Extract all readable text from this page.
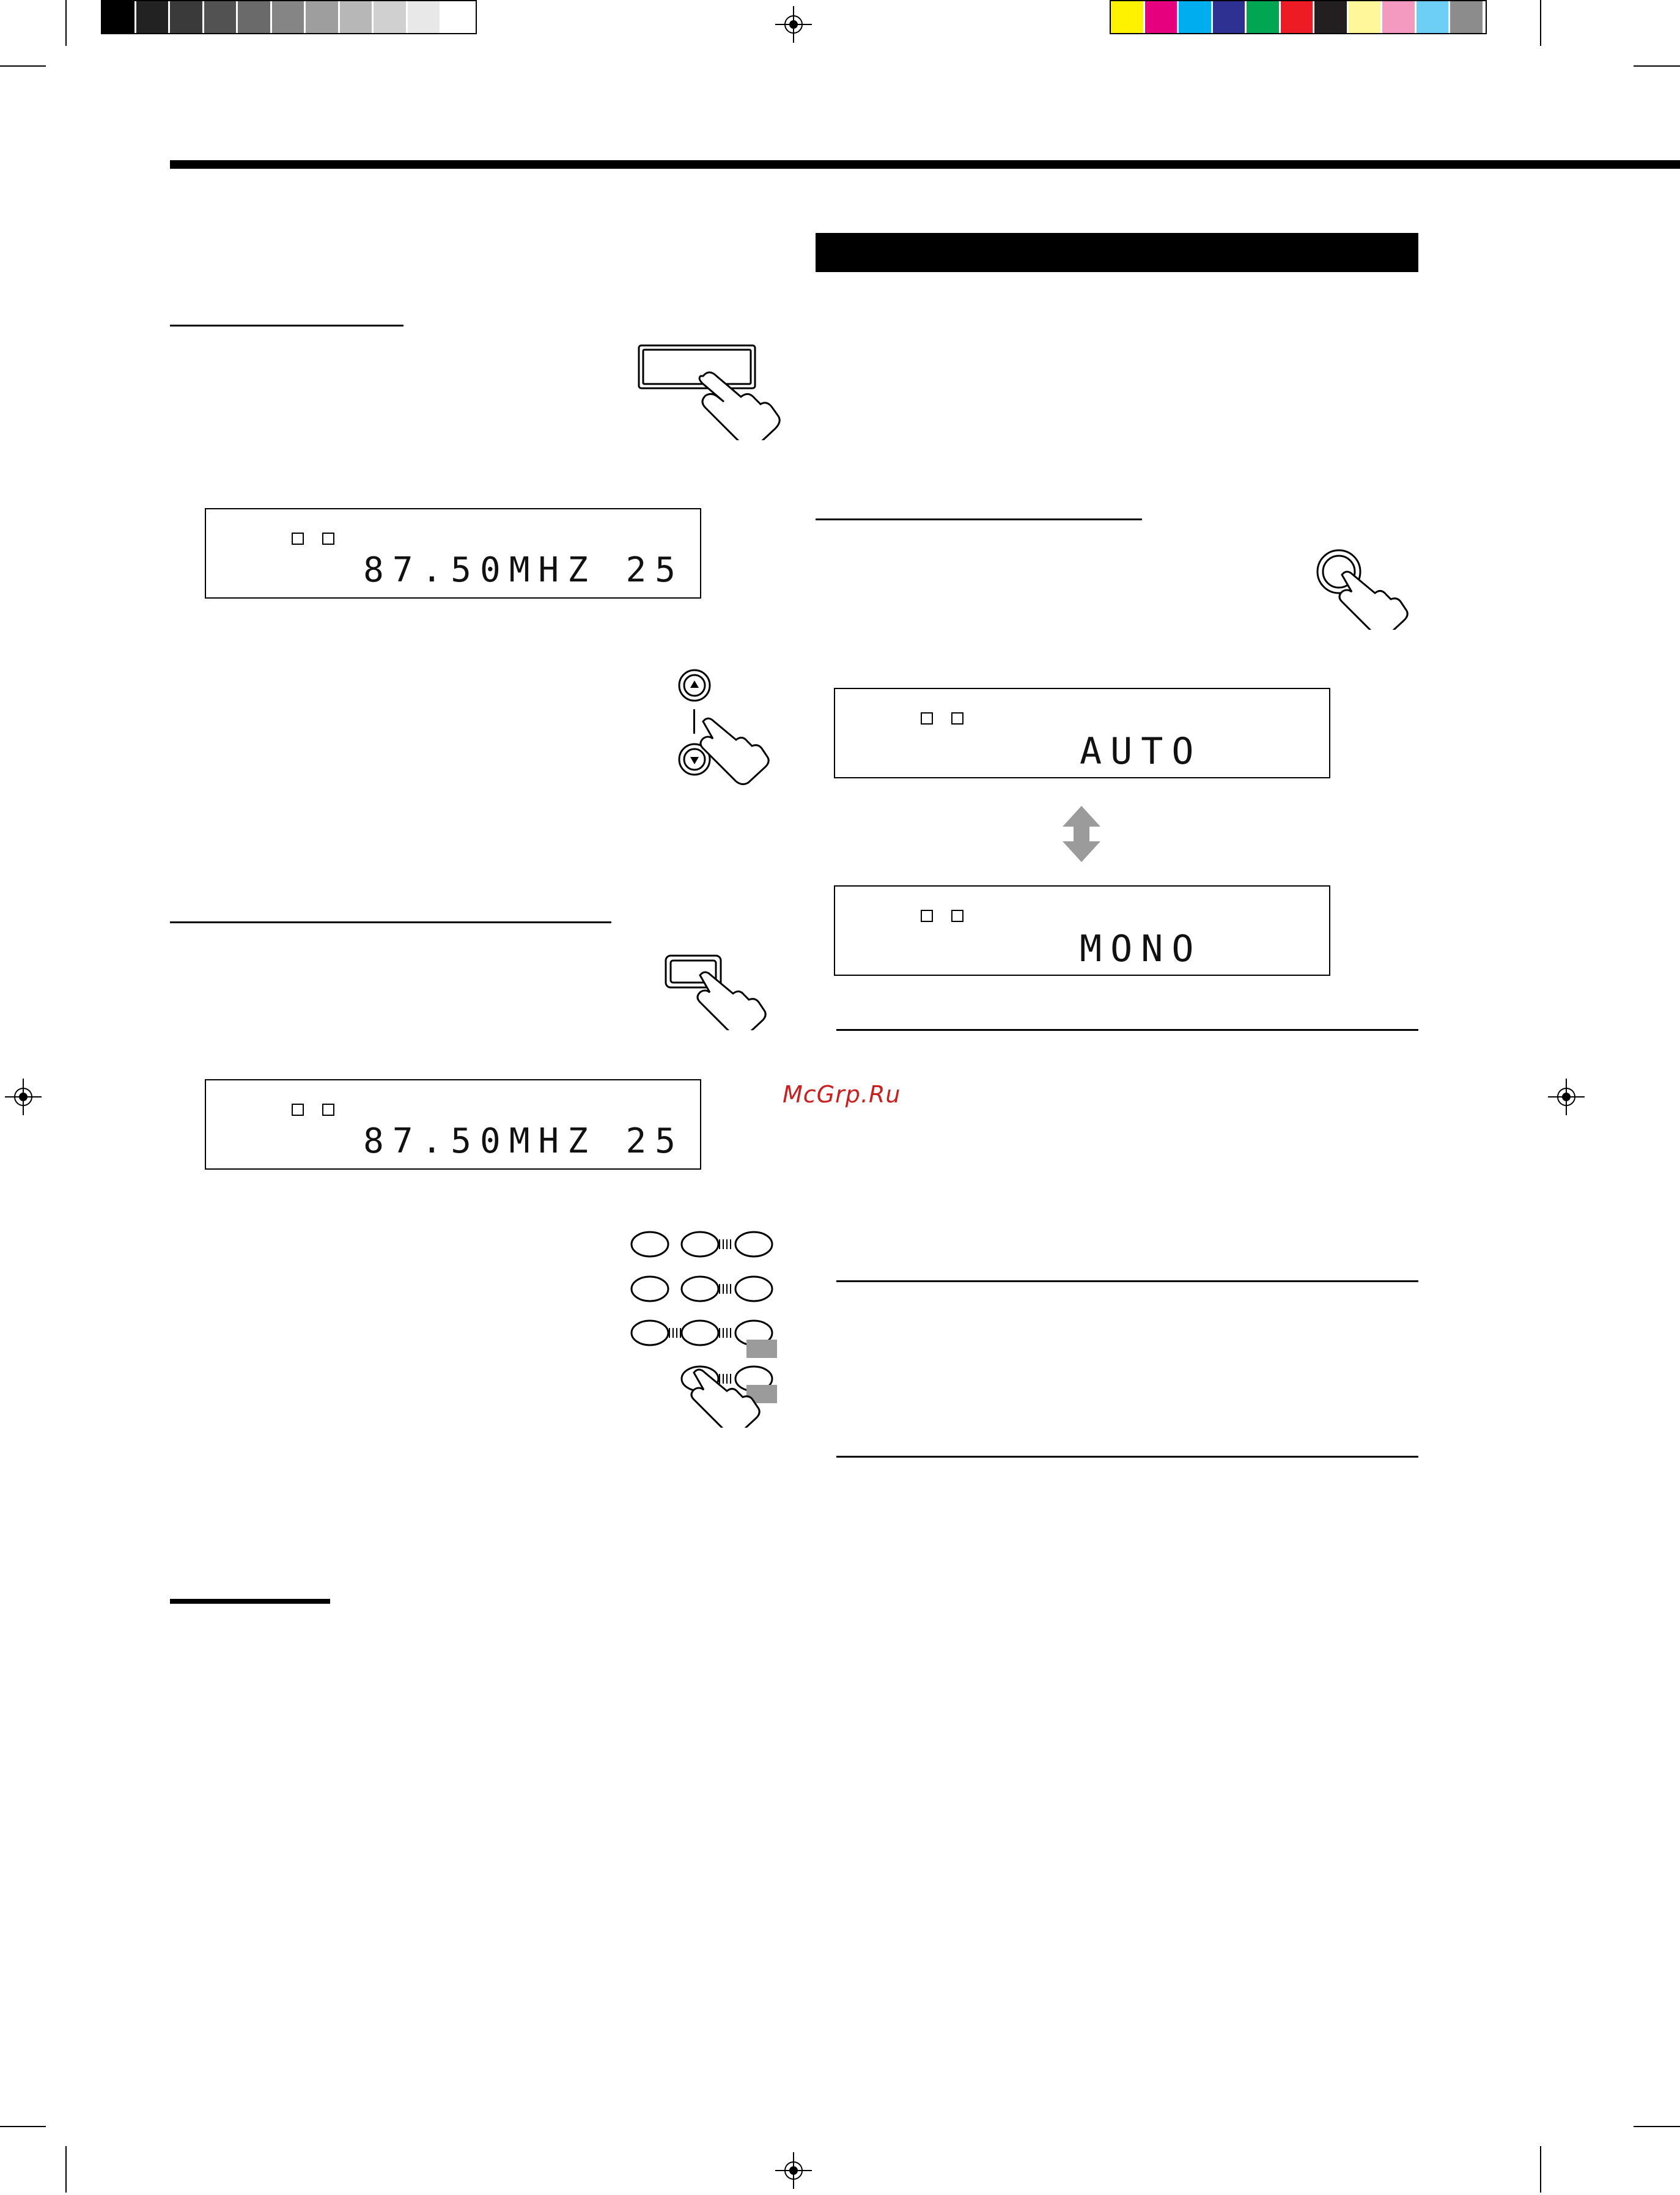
87.50MHZ 25
87.50MHZ 25
AUTO
MONO
McGrp.Ru
